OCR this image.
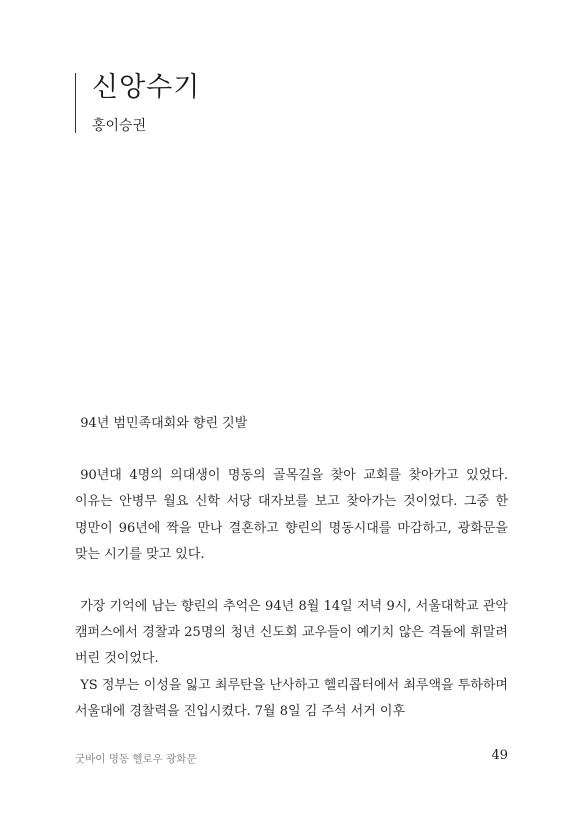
신앙수기
홍이승권

94년 범민족대회와 향린 깃발

90년대 4명의 의대생이 명동의 골목길을 찾아 교회를 찾아가고 있었다. 이유는 안병무 월요 신학 서당 대자보를 보고 찾아가는 것이었다. 그중 한 명만이 96년에 짝을 만나 결혼하고 향린의 명동시대를 마감하고, 광화문을 맞는 시기를 맞고 있다.

가장 기억에 남는 향린의 추억은 94년 8월 14일 저녁 9시, 서울대학교 관악 캠퍼스에서 경찰과 25명의 청년 신도회 교우들이 예기치 않은 격돌에 휘말려 버린 것이었다.

YS 정부는 이성을 잃고 최루탄을 난사하고 헬리콥터에서 최루액을 투하하며 서울대에 경찰력을 진입시켰다. 7월 8일 김 주석 서거 이후

굿바이 명동 헬로우 광화문	49
